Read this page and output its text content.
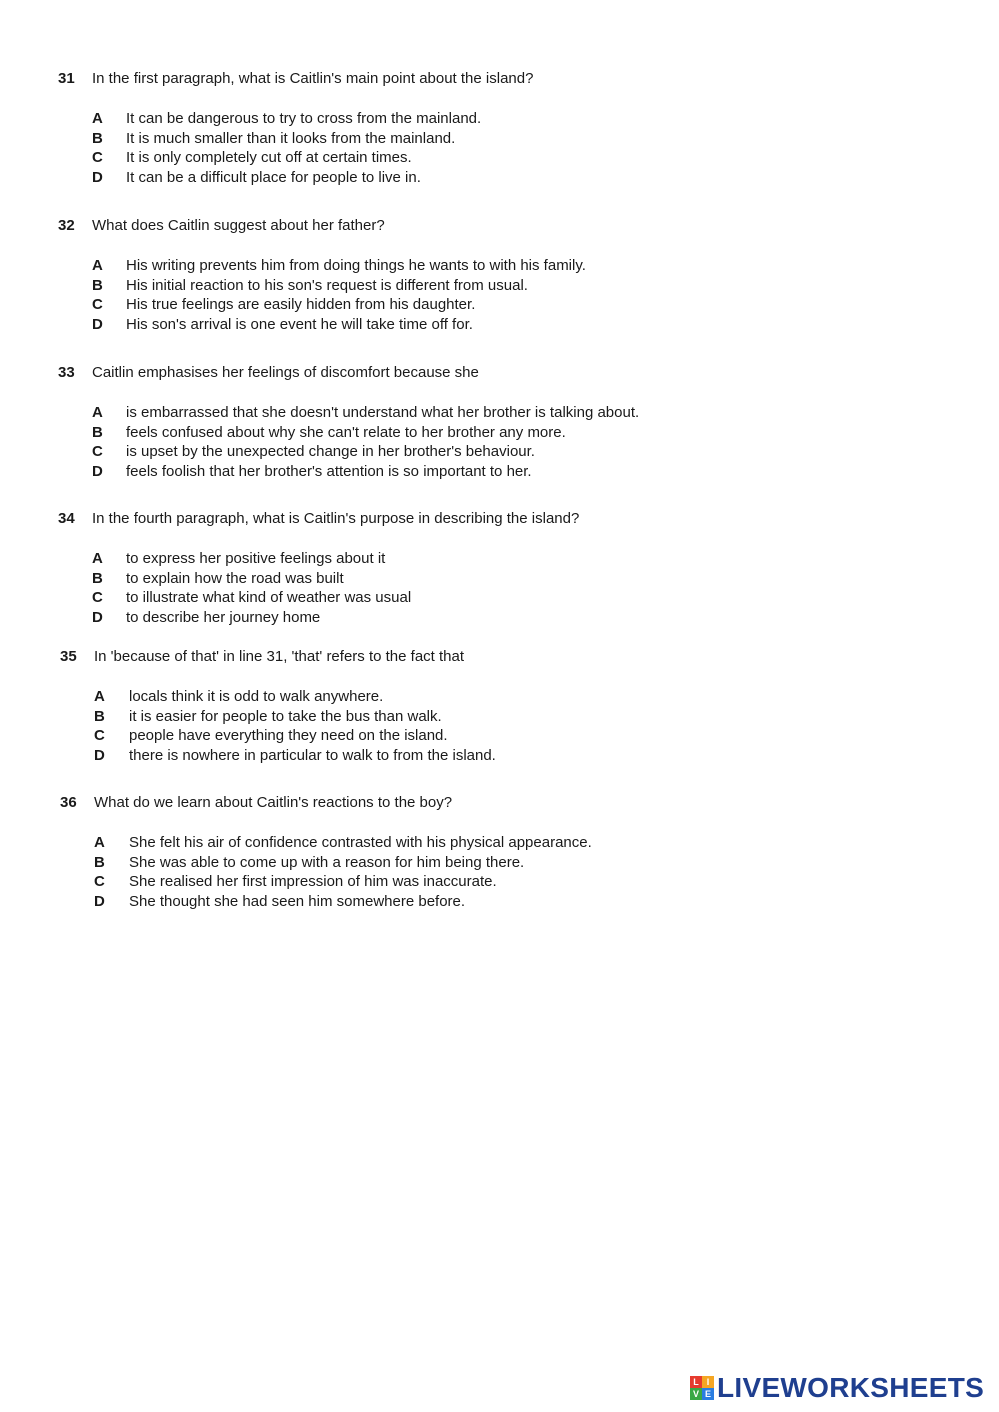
31 In the first paragraph, what is Caitlin's main point about the island?
A It can be dangerous to try to cross from the mainland.
B It is much smaller than it looks from the mainland.
C It is only completely cut off at certain times.
D It can be a difficult place for people to live in.
32 What does Caitlin suggest about her father?
A His writing prevents him from doing things he wants to with his family.
B His initial reaction to his son's request is different from usual.
C His true feelings are easily hidden from his daughter.
D His son's arrival is one event he will take time off for.
33 Caitlin emphasises her feelings of discomfort because she
A is embarrassed that she doesn't understand what her brother is talking about.
B feels confused about why she can't relate to her brother any more.
C is upset by the unexpected change in her brother's behaviour.
D feels foolish that her brother's attention is so important to her.
34 In the fourth paragraph, what is Caitlin's purpose in describing the island?
A to express her positive feelings about it
B to explain how the road was built
C to illustrate what kind of weather was usual
D to describe her journey home
35 In 'because of that' in line 31, 'that' refers to the fact that
A locals think it is odd to walk anywhere.
B it is easier for people to take the bus than walk.
C people have everything they need on the island.
D there is nowhere in particular to walk to from the island.
36 What do we learn about Caitlin's reactions to the boy?
A She felt his air of confidence contrasted with his physical appearance.
B She was able to come up with a reason for him being there.
C She realised her first impression of him was inaccurate.
D She thought she had seen him somewhere before.
L I
V E LIVEWORKSHEETS
